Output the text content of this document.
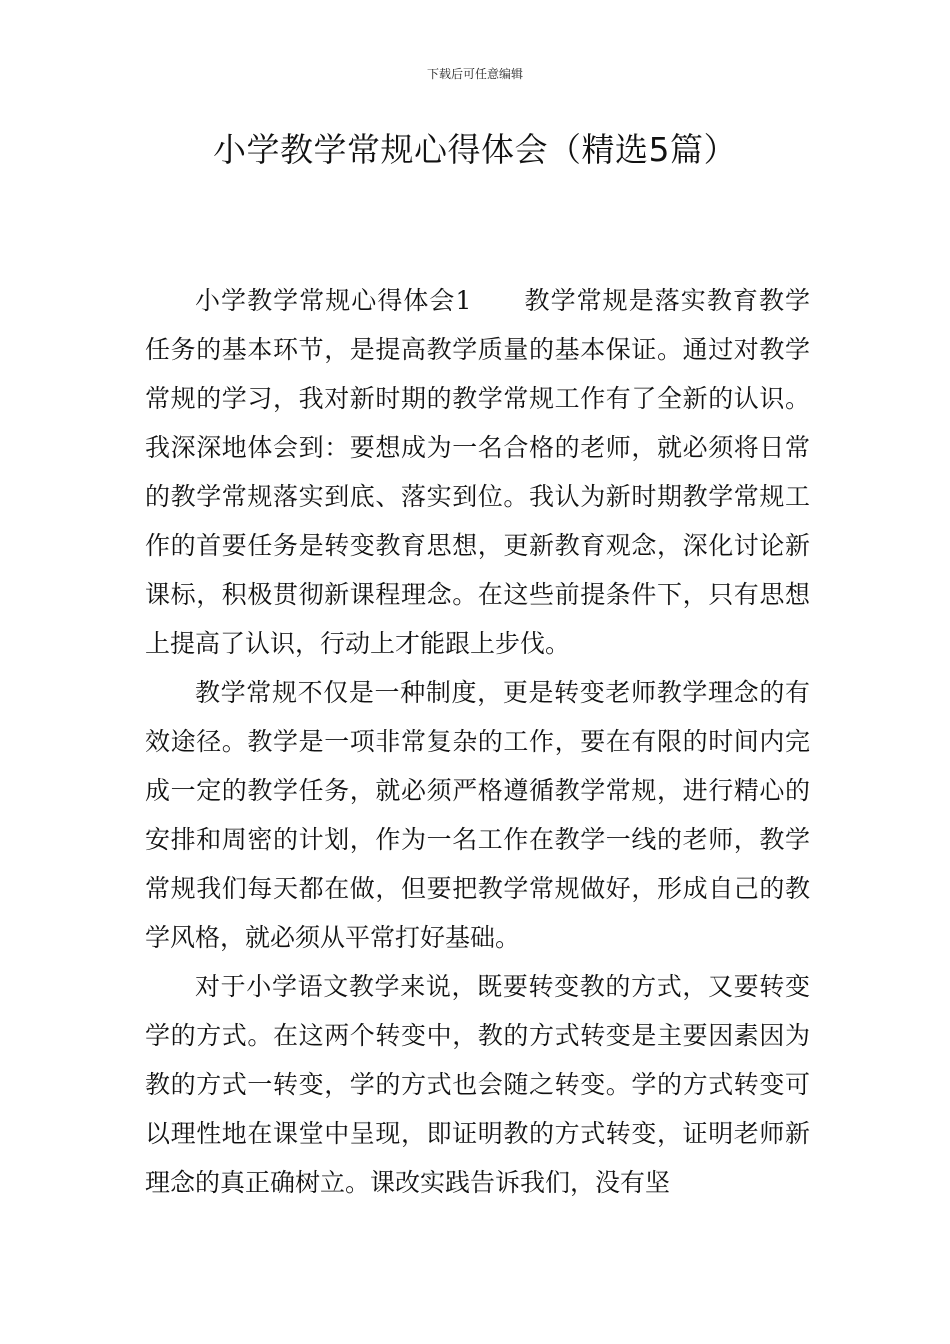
下载后可任意编辑
小学教学常规心得体会（精选5篇）

小学教学常规心得体会1　　教学常规是落实教育教学任务的基本环节，是提高教学质量的基本保证。通过对教学常规的学习，我对新时期的教学常规工作有了全新的认识。我深深地体会到：要想成为一名合格的老师，就必须将日常的教学常规落实到底、落实到位。我认为新时期教学常规工作的首要任务是转变教育思想，更新教育观念，深化讨论新课标，积极贯彻新课程理念。在这些前提条件下，只有思想上提高了认识，行动上才能跟上步伐。

教学常规不仅是一种制度，更是转变老师教学理念的有效途径。教学是一项非常复杂的工作，要在有限的时间内完成一定的教学任务，就必须严格遵循教学常规，进行精心的安排和周密的计划，作为一名工作在教学一线的老师，教学常规我们每天都在做，但要把教学常规做好，形成自己的教学风格，就必须从平常打好基础。

对于小学语文教学来说，既要转变教的方式，又要转变学的方式。在这两个转变中，教的方式转变是主要因素因为教的方式一转变，学的方式也会随之转变。学的方式转变可以理性地在课堂中呈现，即证明教的方式转变，证明老师新理念的真正确树立。课改实践告诉我们，没有坚
